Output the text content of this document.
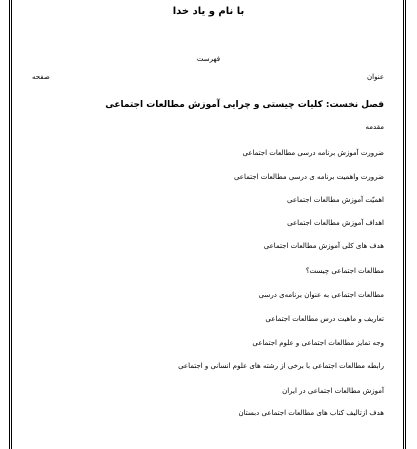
با نام و یاد خدا
فهرست
عنوان
صفحه
فصل نخست: کلیات چیستی و چرایی آموزش مطالعات اجتماعی
مقدمه
ضرورت آموزش برنامه درسی مطالعات اجتماعی
ضرورت واهمیت برنامه ی درسی مطالعات اجتماعی
اهمیّت آموزش مطالعات اجتماعی
اهداف آموزش مطالعات اجتماعی
هدف های کلی آموزش مطالعات اجتماعی
مطالعات اجتماعی چیست؟
مطالعات اجتماعی به عنوان برنامه‌ی درسی
تعاریف و ماهیت درس مطالعات اجتماعی
وجه تمایز مطالعات اجتماعی و علوم اجتماعی
رابطه مطالعات اجتماعی با برخی از رشته های علوم انسانی و اجتماعی
آموزش مطالعات اجتماعی در ایران
هدف ازتالیف کتاب های مطالعات اجتماعی دبستان
